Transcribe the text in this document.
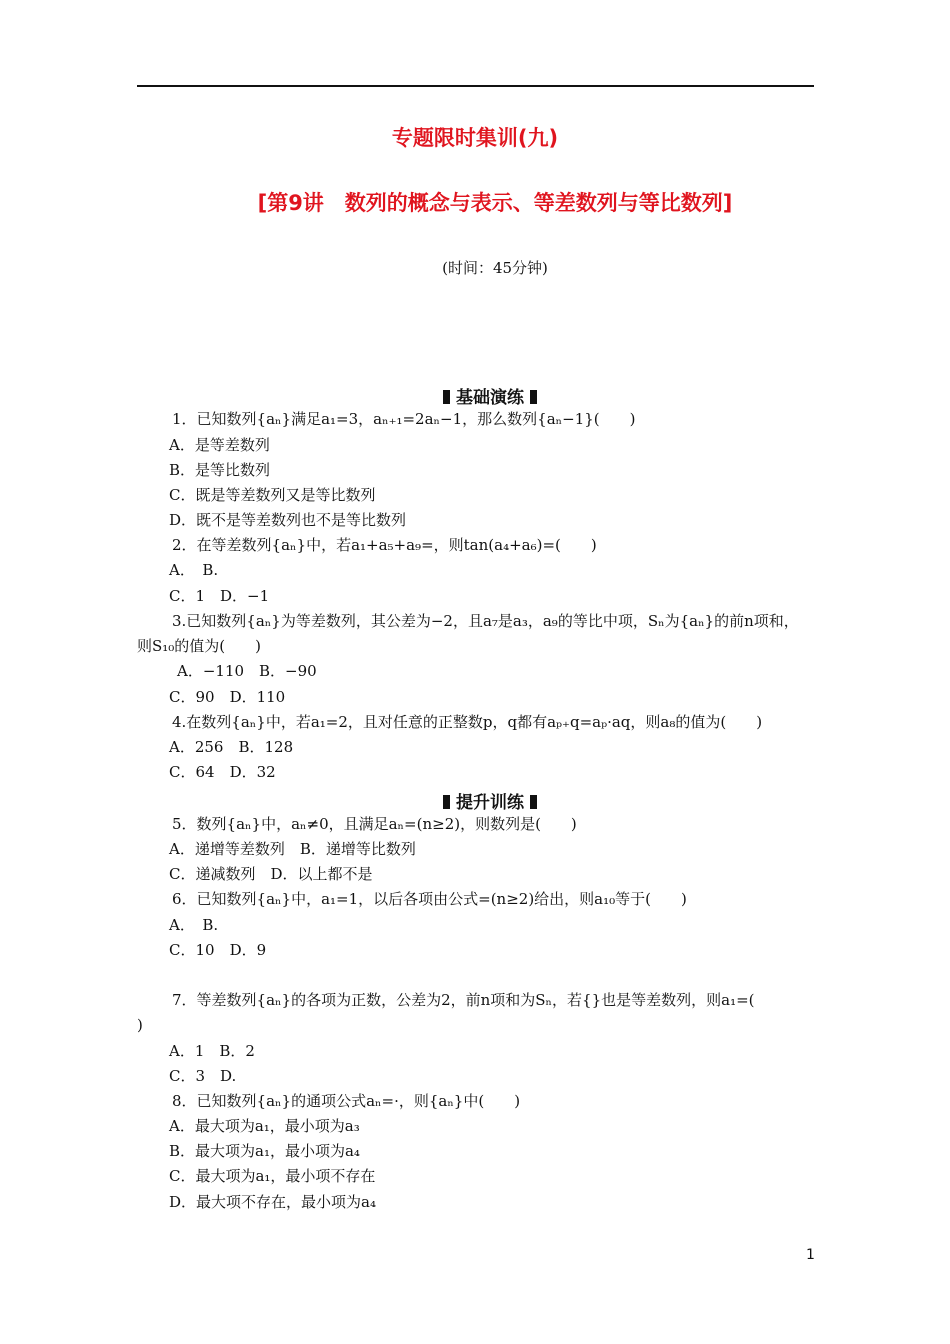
专题限时集训(九)
[第9讲　数列的概念与表示、等差数列与等比数列]
(时间：45分钟)
基础演练
1．已知数列{aₙ}满足a₁=3，aₙ₊₁=2aₙ−1，那么数列{aₙ−1}(　　)
A．是等差数列
B．是等比数列
C．既是等差数列又是等比数列
D．既不是等差数列也不是等比数列
2．在等差数列{aₙ}中，若a₁+a₅+a₉=，则tan(a₄+a₆)=(　　)
A．　B.
C．1　D．−1
3.已知数列{aₙ}为等差数列，其公差为−2，且a₇是a₃，a₉的等比中项，Sₙ为{aₙ}的前n项和，
则S₁₀的值为(　　)
A．−110　B．−90
C．90　D．110
4.在数列{aₙ}中，若a₁=2，且对任意的正整数p，q都有aₚ₊q=aₚ·aq，则a₈的值为(　　)
A．256　B．128
C．64　D．32
提升训练
5．数列{aₙ}中，aₙ≠0，且满足aₙ=(n≥2)，则数列是(　　)
A．递增等差数列　B．递增等比数列
C．递减数列　D．以上都不是
6．已知数列{aₙ}中，a₁=1，以后各项由公式=(n≥2)给出，则a₁₀等于(　　)
A．　B.
C．10　D．9
7．等差数列{aₙ}的各项为正数，公差为2，前n项和为Sₙ，若{}也是等差数列，则a₁=(
)
A．1　B．2
C．3　D.
8．已知数列{aₙ}的通项公式aₙ=·，则{aₙ}中(　　)
A．最大项为a₁，最小项为a₃
B．最大项为a₁，最小项为a₄
C．最大项为a₁，最小项不存在
D．最大项不存在，最小项为a₄
1
